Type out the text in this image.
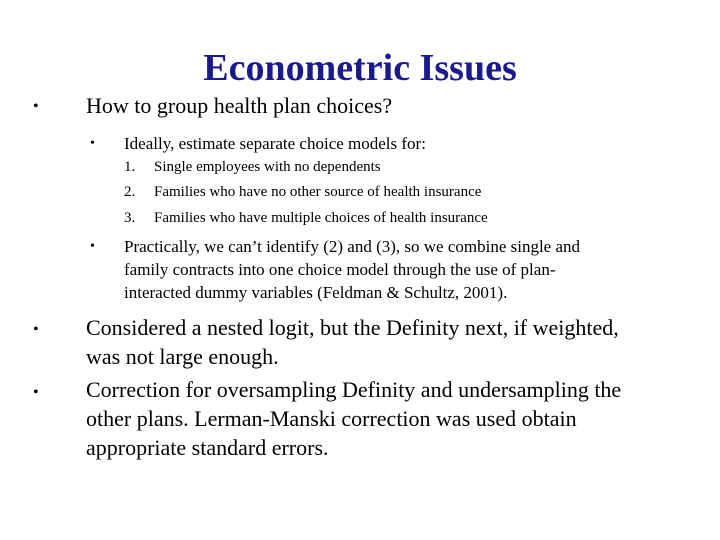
Econometric Issues
• How to group health plan choices?
• Ideally, estimate separate choice models for:
1. Single employees with no dependents
2. Families who have no other source of health insurance
3. Families who have multiple choices of health insurance
• Practically, we can’t identify (2) and (3), so we combine single and
family contracts into one choice model through the use of plan-
interacted dummy variables (Feldman & Schultz, 2001).
• Considered a nested logit, but the Definity next, if weighted,
was not large enough.
• Correction for oversampling Definity and undersampling the
other plans. Lerman-Manski correction was used obtain
appropriate standard errors.
